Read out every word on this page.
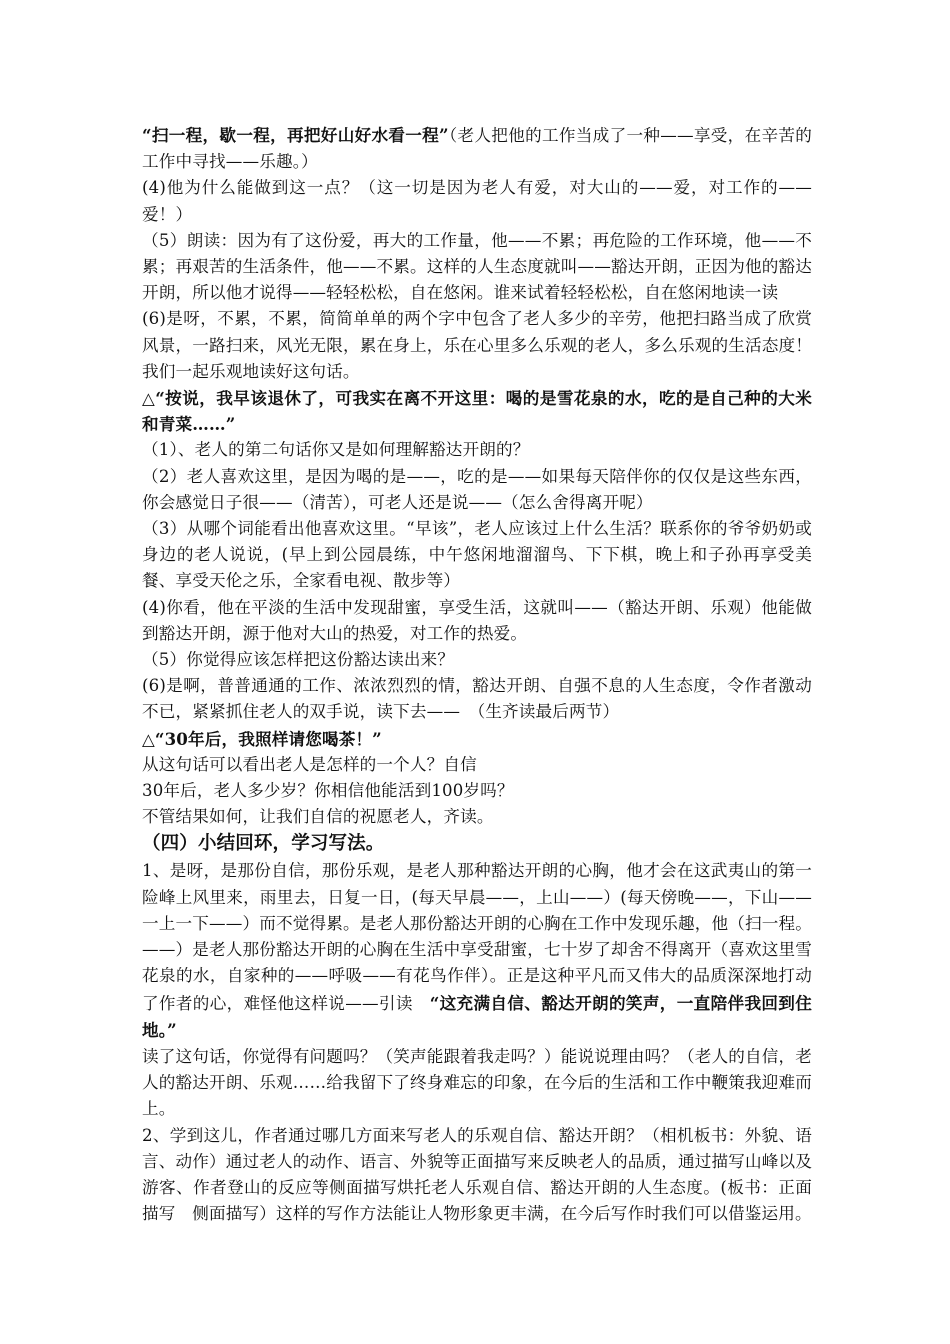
“扫一程，歇一程，再把好山好水看一程”（老人把他的工作当成了一种——享受，在辛苦的工作中寻找——乐趣。）

(4)他为什么能做到这一点？（这一切是因为老人有爱，对大山的——爱，对工作的——爱！）

（5）朗读：因为有了这份爱，再大的工作量，他——不累；再危险的工作环境，他——不累；再艰苦的生活条件，他——不累。这样的人生态度就叫——豁达开朗，正因为他的豁达开朗，所以他才说得——轻轻松松，自在悠闲。谁来试着轻轻松松，自在悠闲地读一读

(6)是呀，不累，不累，简简单单的两个字中包含了老人多少的辛劳，他把扫路当成了欣赏风景，一路扫来，风光无限，累在身上，乐在心里多么乐观的老人，多么乐观的生活态度！我们一起乐观地读好这句话。

△“按说，我早该退休了，可我实在离不开这里：喝的是雪花泉的水，吃的是自己种的大米和青菜……”

（1）、老人的第二句话你又是如何理解豁达开朗的？

（2）老人喜欢这里，是因为喝的是——，吃的是——如果每天陪伴你的仅仅是这些东西，你会感觉日子很——（清苦），可老人还是说——（怎么舍得离开呢）

（3）从哪个词能看出他喜欢这里。“早该”，老人应该过上什么生活？联系你的爷爷奶奶或身边的老人说说，(早上到公园晨练，中午悠闲地溜溜鸟、下下棋，晚上和子孙再享受美餐、享受天伦之乐，全家看电视、散步等）

(4)你看，他在平淡的生活中发现甜蜜，享受生活，这就叫——（豁达开朗、乐观）他能做到豁达开朗，源于他对大山的热爱，对工作的热爱。

（5）你觉得应该怎样把这份豁达读出来？

(6)是啊，普普通通的工作、浓浓烈烈的情，豁达开朗、自强不息的人生态度，令作者激动不已，紧紧抓住老人的双手说，读下去——　（生齐读最后两节）

△“30年后，我照样请您喝茶！”

从这句话可以看出老人是怎样的一个人？自信

30年后，老人多少岁？你相信他能活到100岁吗？

不管结果如何，让我们自信的祝愿老人，齐读。

（四）小结回环，学习写法。

1、是呀，是那份自信，那份乐观，是老人那种豁达开朗的心胸，他才会在这武夷山的第一险峰上风里来，雨里去，日复一日，(每天早晨——，上山——）(每天傍晚——，下山——一上一下——）而不觉得累。是老人那份豁达开朗的心胸在工作中发现乐趣，他（扫一程。——）是老人那份豁达开朗的心胸在生活中享受甜蜜，七十岁了却舍不得离开（喜欢这里雪花泉的水，自家种的——呼吸——有花鸟作伴）。正是这种平凡而又伟大的品质深深地打动了作者的心，难怪他这样说——引读　“这充满自信、豁达开朗的笑声，一直陪伴我回到住地。”

读了这句话，你觉得有问题吗？（笑声能跟着我走吗？）能说说理由吗？（老人的自信，老人的豁达开朗、乐观……给我留下了终身难忘的印象，在今后的生活和工作中鞭策我迎难而上。

2、学到这儿，作者通过哪几方面来写老人的乐观自信、豁达开朗？（相机板书：外貌、语言、动作）通过老人的动作、语言、外貌等正面描写来反映老人的品质，通过描写山峰以及游客、作者登山的反应等侧面描写烘托老人乐观自信、豁达开朗的人生态度。(板书：正面描写　侧面描写）这样的写作方法能让人物形象更丰满，在今后写作时我们可以借鉴运用。
